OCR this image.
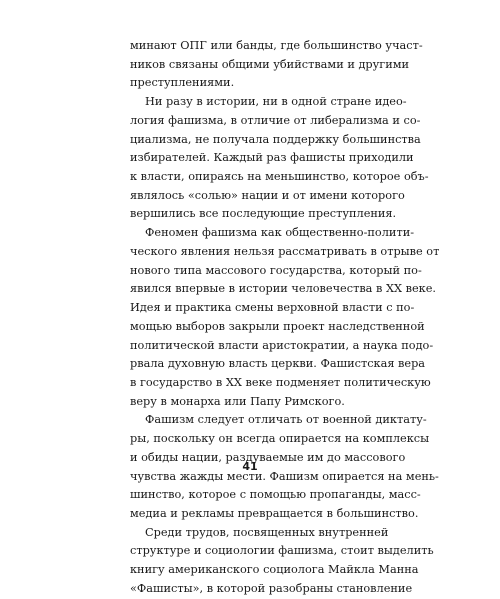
минают ОПГ или банды, где большинство участ-
ников связаны общими убийствами и другими
преступлениями.
Ни разу в истории, ни в одной стране идео-
логия фашизма, в отличие от либерализма и со-
циализма, не получала поддержку большинства
избирателей. Каждый раз фашисты приходили
к власти, опираясь на меньшинство, которое объ-
являлось «солью» нации и от имени которого
вершились все последующие преступления.
Феномен фашизма как общественно-полити-
ческого явления нельзя рассматривать в отрыве от
нового типа массового государства, который по-
явился впервые в истории человечества в XX веке.
Идея и практика смены верховной власти с по-
мощью выборов закрыли проект наследственной
политической власти аристократии, а наука подо-
рвала духовную власть церкви. Фашистская вера
в государство в XX веке подменяет политическую
веру в монарха или Папу Римского.
Фашизм следует отличать от военной диктату-
ры, поскольку он всегда опирается на комплексы
и обиды нации, раздуваемые им до массового
чувства жажды мести. Фашизм опирается на мень-
шинство, которое с помощью пропаганды, масс-
медиа и рекламы превращается в большинство.
Среди трудов, посвященных внутренней
структуре и социологии фашизма, стоит выделить
книгу американского социолога Майкла Манна
«Фашисты», в которой разобраны становление
41
